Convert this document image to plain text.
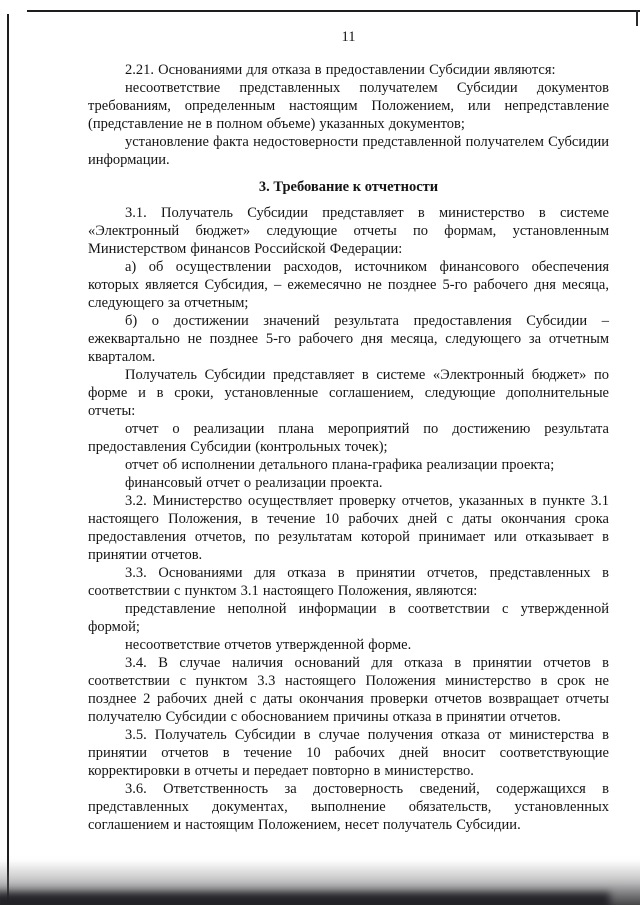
11

2.21. Основаниями для отказа в предоставлении Субсидии являются:

несоответствие представленных получателем Субсидии документов требованиям, определенным настоящим Положением, или непредставление (представление не в полном объеме) указанных документов;

установление факта недостоверности представленной получателем Субсидии информации.

3. Требование к отчетности

3.1. Получатель Субсидии представляет в министерство в системе «Электронный бюджет» следующие отчеты по формам, установленным Министерством финансов Российской Федерации:

а) об осуществлении расходов, источником финансового обеспечения которых является Субсидия, – ежемесячно не позднее 5-го рабочего дня месяца, следующего за отчетным;

б) о достижении значений результата предоставления Субсидии – ежеквартально не позднее 5-го рабочего дня месяца, следующего за отчетным кварталом.

Получатель Субсидии представляет в системе «Электронный бюджет» по форме и в сроки, установленные соглашением, следующие дополнительные отчеты:

отчет о реализации плана мероприятий по достижению результата предоставления Субсидии (контрольных точек);

отчет об исполнении детального плана-графика реализации проекта;

финансовый отчет о реализации проекта.

3.2. Министерство осуществляет проверку отчетов, указанных в пункте 3.1 настоящего Положения, в течение 10 рабочих дней с даты окончания срока предоставления отчетов, по результатам которой принимает или отказывает в принятии отчетов.

3.3. Основаниями для отказа в принятии отчетов, представленных в соответствии с пунктом 3.1 настоящего Положения, являются:

представление неполной информации в соответствии с утвержденной формой;

несоответствие отчетов утвержденной форме.

3.4. В случае наличия оснований для отказа в принятии отчетов в соответствии с пунктом 3.3 настоящего Положения министерство в срок не позднее 2 рабочих дней с даты окончания проверки отчетов возвращает отчеты получателю Субсидии с обоснованием причины отказа в принятии отчетов.

3.5. Получатель Субсидии в случае получения отказа от министерства в принятии отчетов в течение 10 рабочих дней вносит соответствующие корректировки в отчеты и передает повторно в министерство.

3.6. Ответственность за достоверность сведений, содержащихся в представленных документах, выполнение обязательств, установленных соглашением и настоящим Положением, несет получатель Субсидии.
